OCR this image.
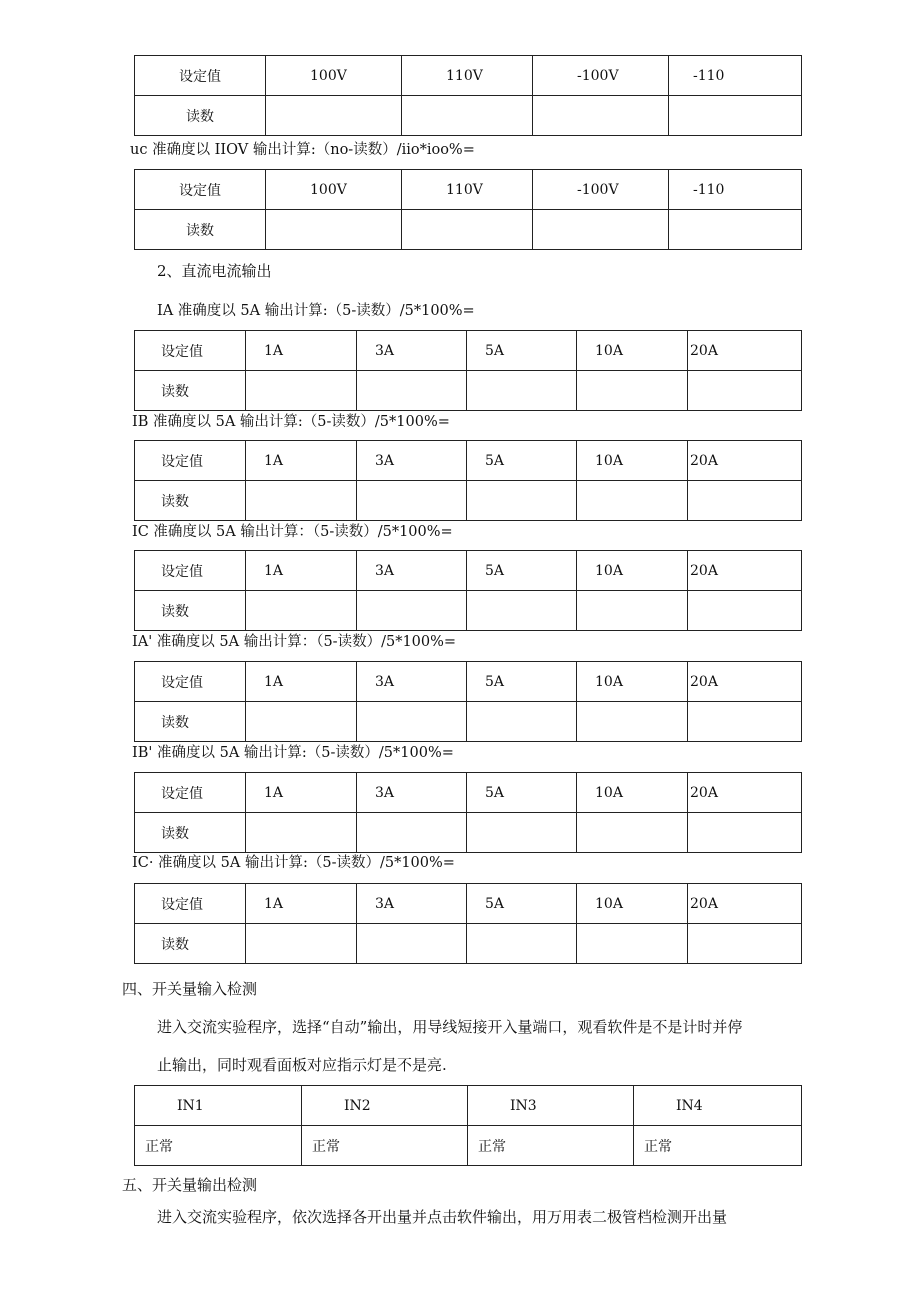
设定值	100V	110V	-100V	-110
读数				
uc 准确度以 IIOV 输出计算:（no-读数）/iio*ioo%=
设定值	100V	110V	-100V	-110
读数				
2、直流电流输出
IA 准确度以 5A 输出计算:（5-读数）/5*100%=
设定值	1A	3A	5A	10A	20A
读数					
IB 准确度以 5A 输出计算:（5-读数）/5*100%=
设定值	1A	3A	5A	10A	20A
读数					
IC 准确度以 5A 输出计算：（5-读数）/5*100%=
设定值	1A	3A	5A	10A	20A
读数					
IA' 准确度以 5A 输出计算：（5-读数）/5*100%=
设定值	1A	3A	5A	10A	20A
读数					
IB' 准确度以 5A 输出计算:（5-读数）/5*100%=
设定值	1A	3A	5A	10A	20A
读数					
IC· 准确度以 5A 输出计算:（5-读数）/5*100%=
设定值	1A	3A	5A	10A	20A
读数					
四、开关量输入检测
进入交流实验程序，选择“自动”输出，用导线短接开入量端口，观看软件是不是计时并停
止输出，同时观看面板对应指示灯是不是亮.
IN1	IN2	IN3	IN4
正常	正常	正常	正常
五、开关量输出检测
进入交流实验程序，依次选择各开出量并点击软件输出，用万用表二极管档检测开出量
